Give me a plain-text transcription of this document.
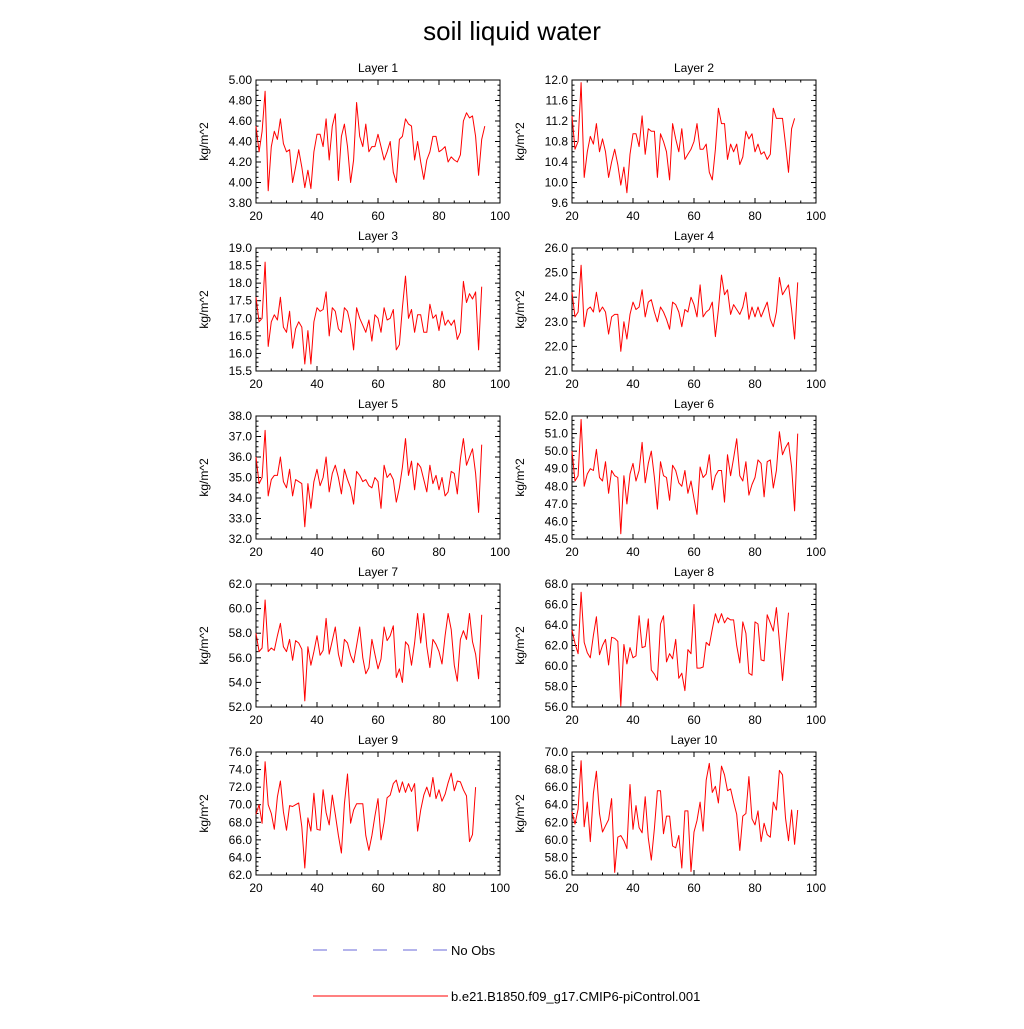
soil liquid water
Layer 1
3.80
4.00
4.20
4.40
4.60
4.80
5.00
20	40	60	80	100
kg/m^2
Layer 2
9.6
10.0
10.4
10.8
11.2
11.6
12.0
20	40	60	80	100
kg/m^2
Layer 3
15.5
16.0
16.5
17.0
17.5
18.0
18.5
19.0
20	40	60	80	100
kg/m^2
Layer 4
21.0
22.0
23.0
24.0
25.0
26.0
20	40	60	80	100
kg/m^2
Layer 5
32.0
33.0
34.0
35.0
36.0
37.0
38.0
20	40	60	80	100
kg/m^2
Layer 6
45.0
46.0
47.0
48.0
49.0
50.0
51.0
52.0
20	40	60	80	100
kg/m^2
Layer 7
52.0
54.0
56.0
58.0
60.0
62.0
20	40	60	80	100
kg/m^2
Layer 8
56.0
58.0
60.0
62.0
64.0
66.0
68.0
20	40	60	80	100
kg/m^2
Layer 9
62.0
64.0
66.0
68.0
70.0
72.0
74.0
76.0
20	40	60	80	100
kg/m^2
Layer 10
56.0
58.0
60.0
62.0
64.0
66.0
68.0
70.0
20	40	60	80	100
kg/m^2
No Obs
b.e21.B1850.f09_g17.CMIP6-piControl.001
